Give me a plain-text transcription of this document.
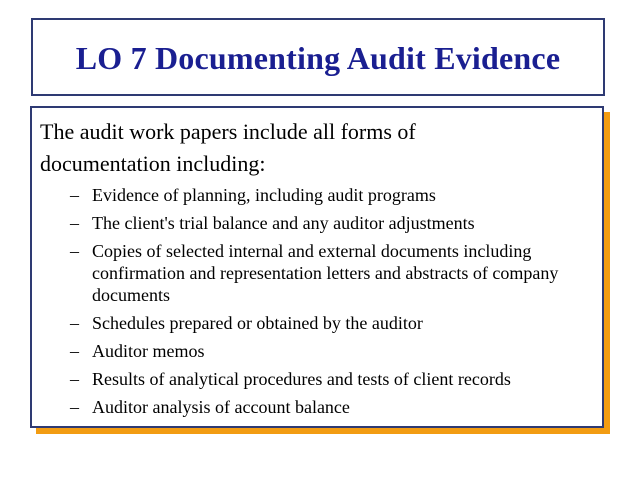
LO 7 Documenting Audit Evidence

The audit work papers include all forms of documentation including:

– Evidence of planning, including audit programs
– The client's trial balance and any auditor adjustments
– Copies of selected internal and external documents including confirmation and representation letters and abstracts of company documents
– Schedules prepared or obtained by the auditor
– Auditor memos
– Results of analytical procedures and tests of client records
– Auditor analysis of account balance
